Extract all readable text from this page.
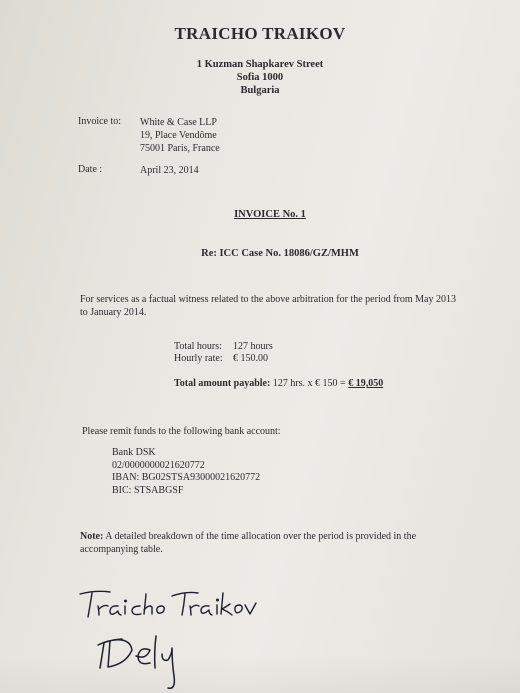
TRAICHO TRAIKOV
1 Kuzman Shapkarev Street
Sofia 1000
Bulgaria
Invoice to: White & Case LLP
19, Place Vendôme
75001 Paris, France
Date :	April 23, 2014
INVOICE No. 1
Re: ICC Case No. 18086/GZ/MHM
For services as a factual witness related to the above arbitration for the period from May 2013 to January 2014.
Total hours: 127 hours
Hourly rate: € 150.00
Total amount payable: 127 hrs. x € 150 = € 19,050
Please remit funds to the following bank account:
Bank DSK
02/0000000021620772
IBAN: BG02STSA93000021620772
BIC: STSABGSF
Note: A detailed breakdown of the time allocation over the period is provided in the accompanying table.
